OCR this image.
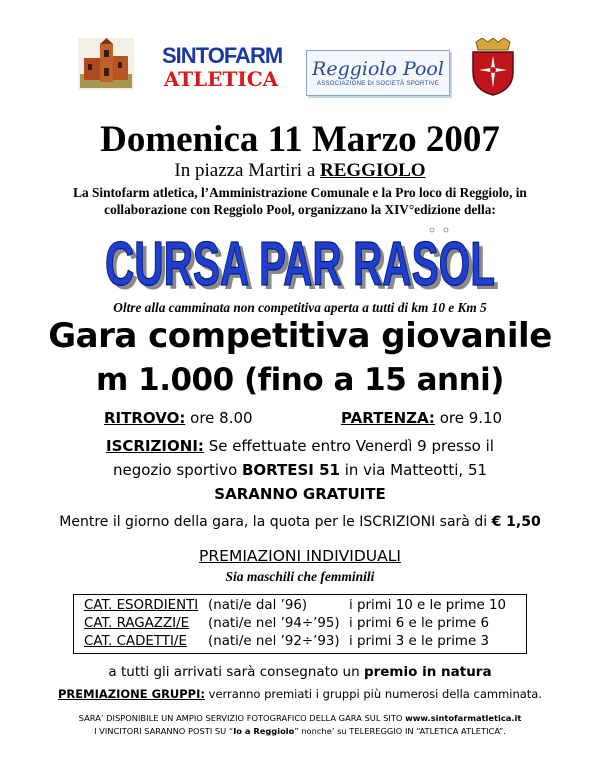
SINTOFARM
ATLETICA Reggiolo Pool
ASSOCIAZIONE DI SOCIETÀ SPORTIVE
Domenica 11 Marzo 2007
In piazza Martiri a REGGIOLO
La Sintofarm atletica, l’Amministrazione Comunale e la Pro loco di Reggiolo, in
collaborazione con Reggiolo Pool, organizzano la XIV°edizione della:
CURSA PAR RASOL
CURSA PAR RASOL
Oltre alla camminata non competitiva aperta a tutti di km 10 e Km 5
Gara competitiva giovanile
m 1.000 (fino a 15 anni)
RITROVO: ore 8.00	PARTENZA: ore 9.10
ISCRIZIONI: Se effettuate entro Venerdì 9 presso il
negozio sportivo BORTESI 51 in via Matteotti, 51
SARANNO GRATUITE
Mentre il giorno della gara, la quota per le ISCRIZIONI sarà di € 1,50
PREMIAZIONI INDIVIDUALI
Sia maschili che femminili
CAT. ESORDIENTI (nati/e dal ’96)	i primi 10 e le prime 10
CAT. RAGAZZI/E (nati/e nel ’94÷’95) i primi 6 e le prime 6
CAT. CADETTI/E (nati/e nel ’92÷’93) i primi 3 e le prime 3
a tutti gli arrivati sarà consegnato un premio in natura
PREMIAZIONE GRUPPI: verranno premiati i gruppi più numerosi della camminata.
SARA’ DISPONIBILE UN AMPIO SERVIZIO FOTOGRAFICO DELLA GARA SUL SITO www.sintofarmatletica.it
I VINCITORI SARANNO POSTI SU “Io a Reggiolo” nonche’ su TELEREGGIO IN “ATLETICA ATLETICA”.
